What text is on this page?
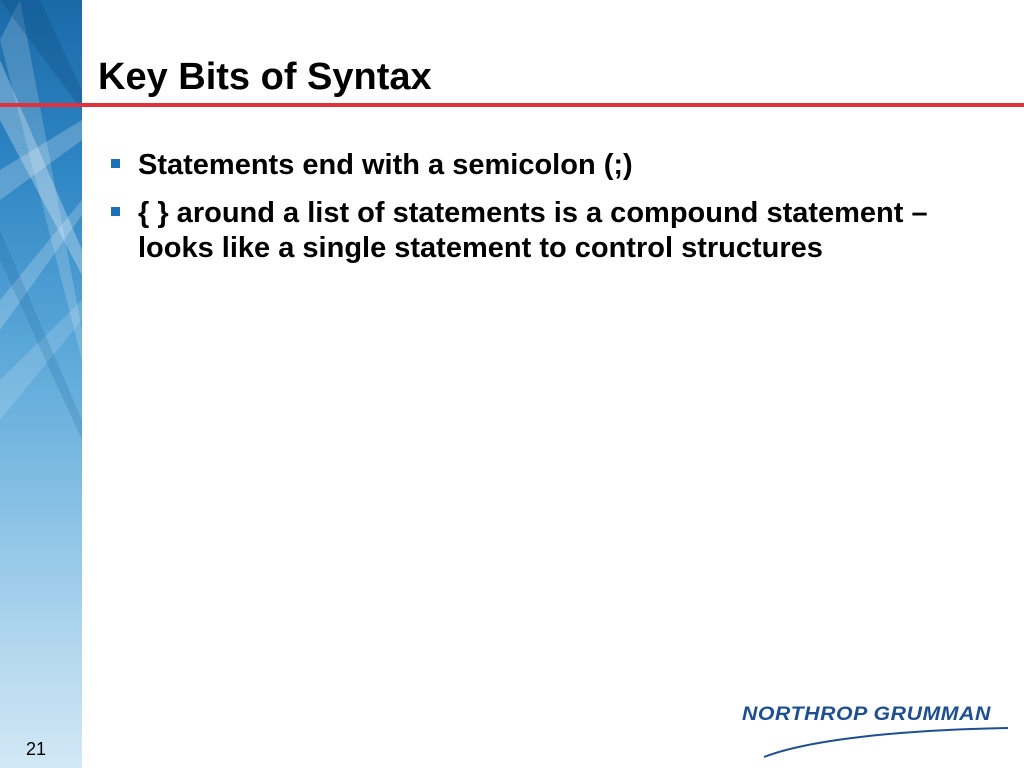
Key Bits of Syntax
Statements end with a semicolon (;)
{ } around a list of statements is a compound statement – looks like a single statement to control structures
21
NORTHROP GRUMMAN
